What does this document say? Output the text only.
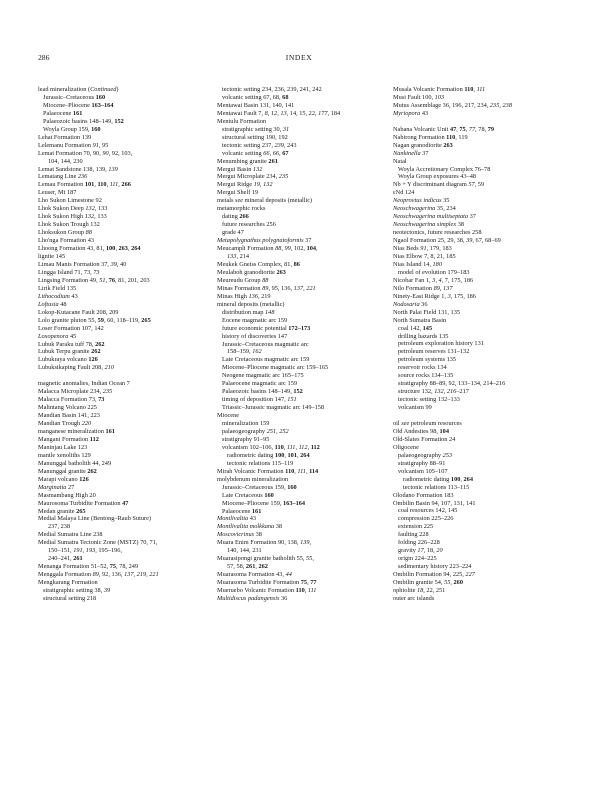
286	INDEX
lead mineralization (Continued)
Jurassic–Cretaceous 160
Miocene–Pliocene 163–164
Palaeocene 161
Palaeozoic basins 148–149, 152
Woyla Group 159, 160
Lehat Formation 139
Lelemanu Formation 91, 95
Lemat Formation 70, 90, 90, 92, 103,
104, 144, 230
Lemat Sandstone 138, 139, 139
Lematang Line 236
Lemau Formation 101, 110, 111, 266
Leuser, Mt 187
Lho Sukon Limestone 92
Lhok Sukon Deep 132, 133
Lhok Sukon High 132, 133
Lhok Sukon Trough 132
Lhoksukon Group 88
Lho'nga Formation 43
Lhoong Formation 43, 81, 100, 263, 264
lignite 145
Limau Manis Formation 37, 39, 40
Lingga Island 71, 73, 73
Lingsing Formation 49, 51, 76, 81, 201, 203
Lirik Field 135
Lithocodium 43
Loftusia 48
Lokop-Kutacane Fault 208, 209
Lolo granite pluton 55, 59, 60, 118–119, 265
Loser Formation 107, 142
Loxopenora 45
Lubuk Paraku tuff 78, 262
Lubuk Terpu granite 262
Lubukraya volcano 126
Lubuksikaping Fault 208, 210
magnetic anomalies, Indian Ocean 7
Malacca Microplate 234, 235
Malacca Formation 73, 73
Malintang Volcano 225
Mandian Basin 141, 223
Mandian Trough 220
manganese mineralization 161
Mangani Formation 112
Maninjau Lake 123
mantle xenoliths 129
Manunggal batholith 44, 249
Manunggal granite 262
Marapi volcano 126
Marginatia 27
Masmambang High 20
Maurosoma Turbidite Formation 47
Medan granite 265
Medial Malaya Line (Bentong–Raub Suture)
237, 238
Medial Sumatra Line 238
Medial Sumatra Tectonic Zone (MSTZ) 70, 71,
150–151, 191, 193, 195–196,
240–241, 261
Menanga Formation 51–52, 75, 78, 249
Menggala Formation 89, 92, 136, 137, 219, 221
Mengkarang Formation
stratigraphic setting 38, 39
structural setting 218
tectonic setting 234, 236, 239, 241, 242
volcanic setting 67, 68, 68
Mentawai Basin 131, 140, 141
Mentawai Fault 7, 8, 12, 13, 14, 15, 22, 177, 184
Mentulu Formation
stratigraphic setting 30, 31
structural setting 190, 192
tectonic setting 237, 239, 243
volcanic setting 66, 66, 67
Menumbing granite 261
Mergui Basin 132
Mergui Microplate 234, 235
Mergui Ridge 19, 132
Mergui Shelf 19
metals see mineral deposits (metallic)
metamorphic rocks
dating 266
future researches 256
grade 47
Metapolygnathus polygnatoformis 37
Meucampli Formation 88, 99, 102, 104,
133, 214
Meukek Gneiss Complex, 81, 86
Meulaboh granodiorite 263
Meureudu Group 88
Minas Formation 89, 95, 136, 137, 221
Minas High 136, 219
mineral deposits (metallic)
distribution map 148
Eocene magmatic arc 159
future economic potential 172–173
history of discoveries 147
Jurassic–Cretaceous magmatic arc
158–159, 162
Late Cretaceous magmatic arc 159
Miocene–Pliocene magmatic arc 159–165
Neogene magmatic arc 165–175
Palaeocene magmatic arc 159
Palaeozoic basins 148–149, 152
timing of deposition 147, 151
Triassic–Jurassic magmatic arc 149–158
Miocene
mineralization 159
palaeogeography 251, 252
stratigraphy 91–95
volcanism 102–106, 110, 111, 112, 112
radiometric dating 100, 101, 264
tectonic relations 115–119
Mirah Volcanic Formation 110, 111, 114
molybdenum mineralization
Jurassic–Cretaceous 159, 160
Late Cretaceous 160
Miocene–Pliocene 159, 163–164
Palaeocene 161
Montlivaltia 43
Montlivaltia molkkana 38
Moscovicrinus 38
Muara Enim Formation 90, 138, 139,
140, 144, 231
Muarasipongi granite batholith 55, 55,
57, 58, 261, 262
Muarasoma Formation 43, 44
Muarasoma Turbidite Formation 75, 77
Mueruebo Volcanic Formation 110, 111
Multidiscus padangensis 36
Musala Volcanic Formation 110, 111
Musi Fault 100, 103
Mutus Assemblage 36, 196, 217, 234, 235, 238
Myriopora 43
Nabana Volcanic Unit 47, 75, 77, 78, 79
Nabirong Formation 110, 119
Nagan granodiorite 263
Nankinella 37
Natal
Woyla Accretionary Complex 76–78
Woyla Group exposures 43–48
Nb + Y discriminant diagram 57, 59
εNd 124
Neoprovtus indicus 35
Neoschwagerina 35, 234
Neoschwagerina multiseptata 37
Neoschwagerina simplex 38
neotectonics, future researches 258
Ngaol Formation 25, 29, 38, 39, 67, 68–69
Nias Beds 91, 179, 183
Nias Elbow 7, 8, 21, 185
Nias Island 14, 180
model of evolution 179–183
Nicobar Fan 1, 3, 4, 7, 175, 186
Nilo Formation 89, 137
Ninety-East Ridge 1, 3, 175, 186
Nodosaria 36
North Palai Field 131, 135
North Sumatra Basin
coal 142, 145
drilling hazards 135
petroleum exploration history 131
petroleum reserves 131–132
petroleum systems 135
reservoir rocks 134
source rocks 134–135
stratigraphy 88–89, 92, 133–134, 214–216
structure 132, 132, 216–217
tectonic setting 132–133
volcanism 99
oil see petroleum resources
Old Andesites 98, 104
Old-Slates Formation 24
Oligocene
palaeogeography 253
stratigraphy 88–91
volcanism 105–107
radiometric dating 100, 264
tectonic relations 113–115
Olodano Formation 183
Ombilin Basin 94, 107, 131, 141
coal resources 142, 145
compression 225–226
extension 225
faulting 228
folding 226–228
gravity 17, 18, 20
origin 224–225
sedimentary history 223–224
Ombilin Formation 94, 225, 227
Ombilin granite 54, 55, 260
ophiolite 18, 22, 251
outer arc islands
